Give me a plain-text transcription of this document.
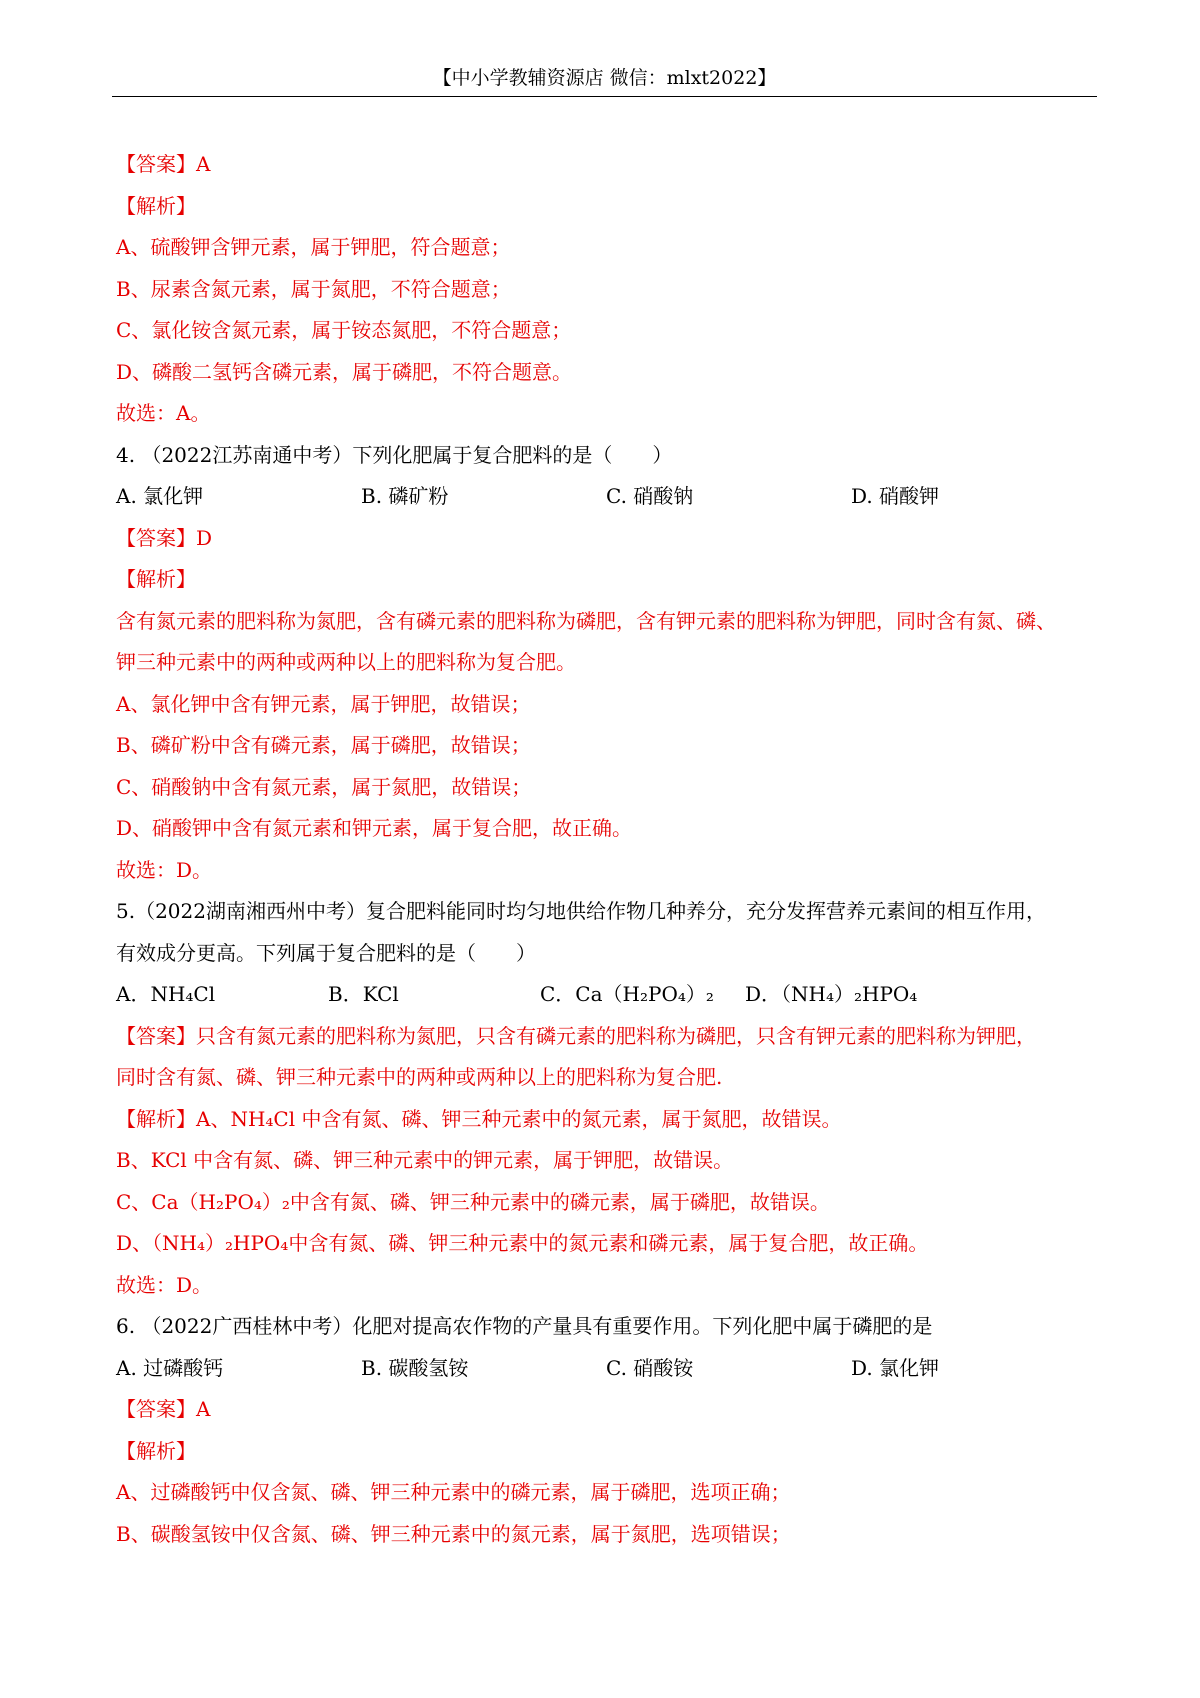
【中小学教辅资源店 微信：mlxt2022】
【答案】A
【解析】
A、硫酸钾含钾元素，属于钾肥，符合题意；
B、尿素含氮元素，属于氮肥，不符合题意；
C、氯化铵含氮元素，属于铵态氮肥，不符合题意；
D、磷酸二氢钙含磷元素，属于磷肥，不符合题意。
故选：A。
4. （2022江苏南通中考）下列化肥属于复合肥料的是（　　）
A. 氯化钾	B. 磷矿粉	C. 硝酸钠	D. 硝酸钾
【答案】D
【解析】
含有氮元素的肥料称为氮肥，含有磷元素的肥料称为磷肥，含有钾元素的肥料称为钾肥，同时含有氮、磷、
钾三种元素中的两种或两种以上的肥料称为复合肥。
A、氯化钾中含有钾元素，属于钾肥，故错误；
B、磷矿粉中含有磷元素，属于磷肥，故错误；
C、硝酸钠中含有氮元素，属于氮肥，故错误；
D、硝酸钾中含有氮元素和钾元素，属于复合肥，故正确。
故选：D。
5.（2022湖南湘西州中考）复合肥料能同时均匀地供给作物几种养分，充分发挥营养元素间的相互作用，
有效成分更高。下列属于复合肥料的是（　　）
A．NH₄Cl	B．KCl	C．Ca（H₂PO₄）₂	D．（NH₄）₂HPO₄
【答案】只含有氮元素的肥料称为氮肥，只含有磷元素的肥料称为磷肥，只含有钾元素的肥料称为钾肥，
同时含有氮、磷、钾三种元素中的两种或两种以上的肥料称为复合肥.
【解析】A、NH₄Cl 中含有氮、磷、钾三种元素中的氮元素，属于氮肥，故错误。
B、KCl 中含有氮、磷、钾三种元素中的钾元素，属于钾肥，故错误。
C、Ca（H₂PO₄）₂中含有氮、磷、钾三种元素中的磷元素，属于磷肥，故错误。
D、（NH₄）₂HPO₄中含有氮、磷、钾三种元素中的氮元素和磷元素，属于复合肥，故正确。
故选：D。
6. （2022广西桂林中考）化肥对提高农作物的产量具有重要作用。下列化肥中属于磷肥的是
A. 过磷酸钙	B. 碳酸氢铵	C. 硝酸铵	D. 氯化钾
【答案】A
【解析】
A、过磷酸钙中仅含氮、磷、钾三种元素中的磷元素，属于磷肥，选项正确；
B、碳酸氢铵中仅含氮、磷、钾三种元素中的氮元素，属于氮肥，选项错误；
